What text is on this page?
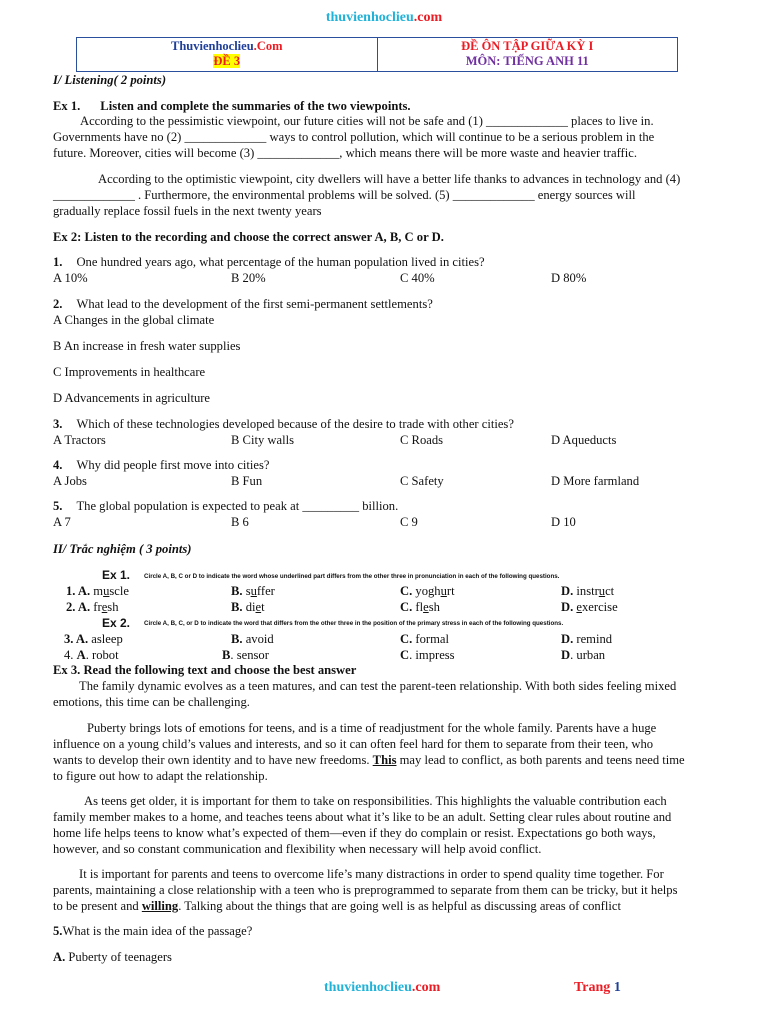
thuvienhoclieu.com
Thuvienhoclieu.Com
ĐỀ 3
ĐỀ ÔN TẬP GIỮA KỲ I
MÔN: TIẾNG ANH 11
I/ Listening( 2 points)
Ex 1. Listen and complete the summaries of the two viewpoints.
According to the pessimistic viewpoint, our future cities will not be safe and (1) _____________ places to live in.
Governments have no (2) _____________ ways to control pollution, which will continue to be a serious problem in the
future. Moreover, cities will become (3) _____________, which means there will be more waste and heavier traffic.
According to the optimistic viewpoint, city dwellers will have a better life thanks to advances in technology and (4)
_____________ . Furthermore, the environmental problems will be solved. (5) _____________ energy sources will
gradually replace fossil fuels in the next twenty years
Ex 2: Listen to the recording and choose the correct answer A, B, C or D.
1. One hundred years ago, what percentage of the human population lived in cities?
A 10%	B 20%	C 40%	D 80%
2. What lead to the development of the first semi-permanent settlements?
A Changes in the global climate
B An increase in fresh water supplies
C Improvements in healthcare
D Advancements in agriculture
3. Which of these technologies developed because of the desire to trade with other cities?
A Tractors	B City walls	C Roads	D Aqueducts
4. Why did people first move into cities?
A Jobs	B Fun	C Safety	D More farmland
5. The global population is expected to peak at _________ billion.
A 7	B 6	C 9	D 10
II/ Trắc nghiệm ( 3 points)
Ex 1. Circle A, B, C or D to indicate the word whose underlined part differs from the other three in pronunciation in each of the following questions.
1. A. muscle	B. suffer	C. yoghurt	D. instruct
2. A. fresh	B. diet	C. flesh	D. exercise
Ex 2. Circle A, B, C, or D to indicate the word that differs from the other three in the position of the primary stress in each of the following questions.
3. A. asleep	B. avoid	C. formal	D. remind
4. A. robot	B. sensor	C. impress	D. urban
Ex 3. Read the following text and choose the best answer
The family dynamic evolves as a teen matures, and can test the parent-teen relationship. With both sides feeling mixed
emotions, this time can be challenging.
Puberty brings lots of emotions for teens, and is a time of readjustment for the whole family. Parents have a huge
influence on a young child’s values and interests, and so it can often feel hard for them to separate from their teen, who
wants to develop their own identity and to have new freedoms. This may lead to conflict, as both parents and teens need time
to figure out how to adapt the relationship.
As teens get older, it is important for them to take on responsibilities. This highlights the valuable contribution each
family member makes to a home, and teaches teens about what it’s like to be an adult. Setting clear rules about routine and
home life helps teens to know what’s expected of them—even if they do complain or resist. Expectations go both ways,
however, and so constant communication and flexibility when necessary will help avoid conflict.
It is important for parents and teens to overcome life’s many distractions in order to spend quality time together. For
parents, maintaining a close relationship with a teen who is preprogrammed to separate from them can be tricky, but it helps
to be present and willing. Talking about the things that are going well is as helpful as discussing areas of conflict
5.What is the main idea of the passage?
A. Puberty of teenagers
thuvienhoclieu.com	Trang 1
